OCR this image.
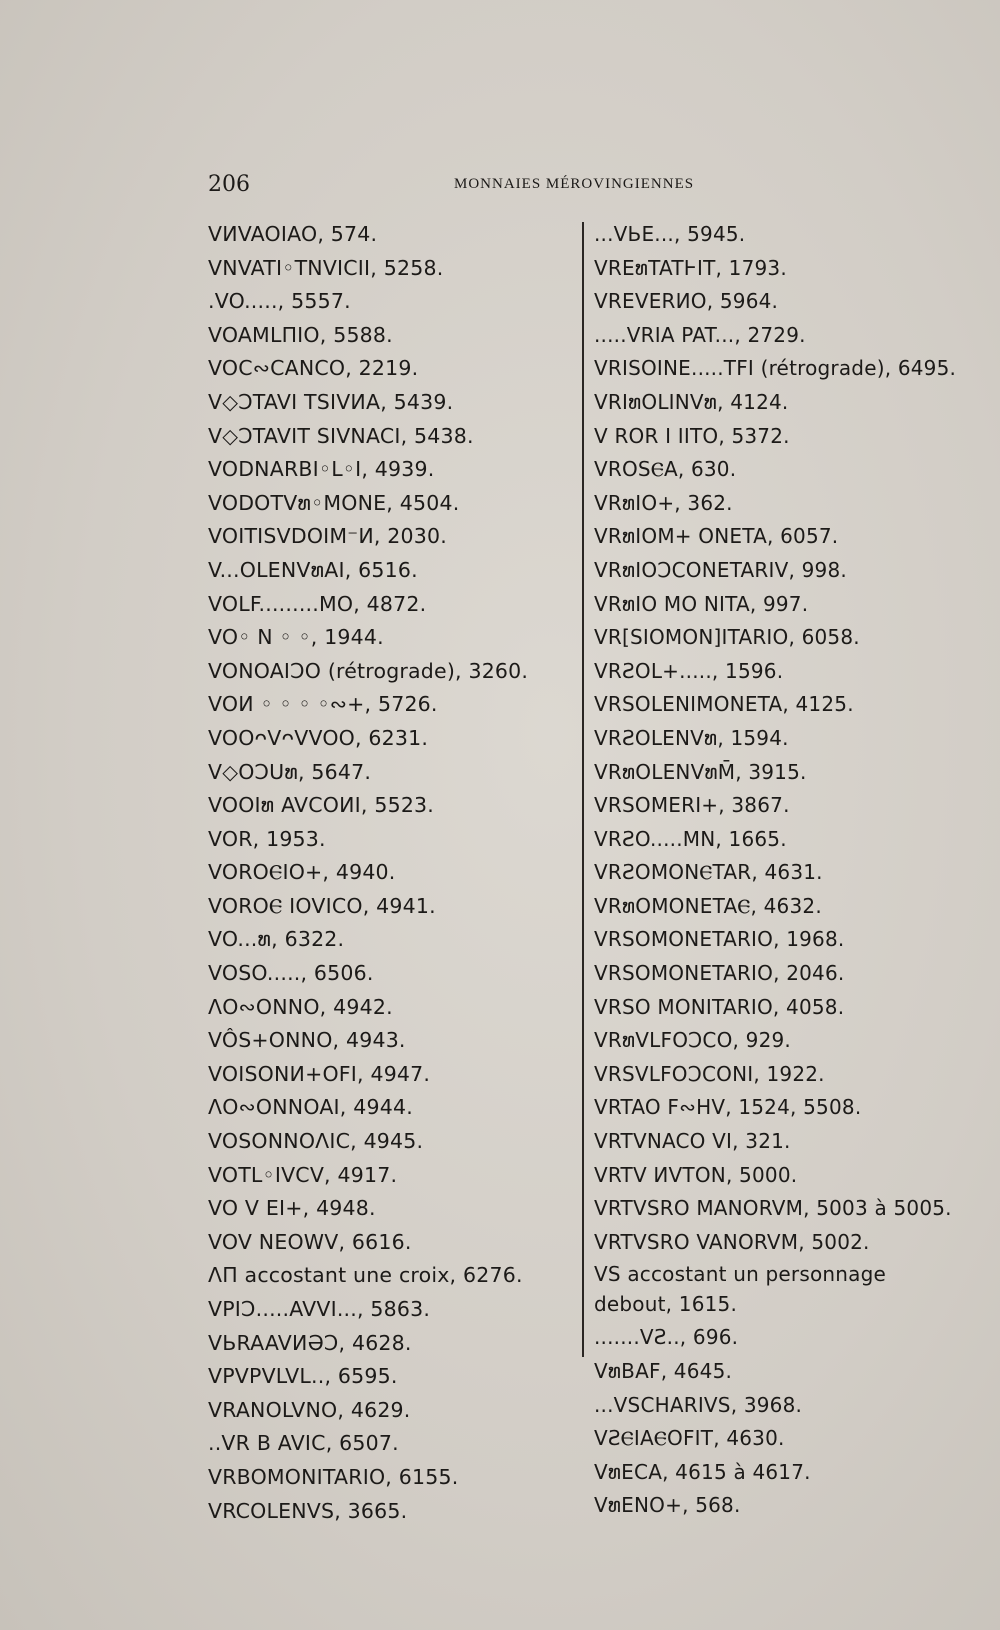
206	MONNAIES MÉROVINGIENNES
VИVAOIAO, 574.
VNVATI◦TNVICII, 5258.
.VO....., 5557.
VOAMⅬПIO, 5588.
VOC∾CANCO, 2219.
V◇ƆTAVI TSIVИA, 5439.
V◇ƆTAVIT SIVNACI, 5438.
VODNARBI◦L◦I, 4939.
VODOTVທ◦MONE, 4504.
VOITISVDOIM⁻И, 2030.
V...OLENVທAI, 6516.
VOLF.........MO, 4872.
VO◦ N ◦ ◦, 1944.
VONOAIƆO (rétrograde), 3260.
VOИ ◦ ◦ ◦ ◦∾+, 5726.
VOOᴖVᴖVVOO, 6231.
V◇OƆUທ, 5647.
VOOIທ AVCOИI, 5523.
VOR, 1953.
VOROⲈIO+, 4940.
VOROⲈ IOVICO, 4941.
VO...ທ, 6322.
VOSO....., 6506.
ΛO∾ONNO, 4942.
VÔS+ONNO, 4943.
VOISONИ+OFI, 4947.
ΛO∾ONNOAI, 4944.
VOSONNOΛIC, 4945.
VOTL◦IVCV, 4917.
VO V EI+, 4948.
VOV NEOWV, 6616.
ΛП accostant une croix, 6276.
VPIƆ.....AVVI..., 5863.
VЬRAAVИƏƆ, 4628.
VPVPVLVL.., 6595.
VRANOLVNO, 4629.
..VR B AVIC, 6507.
VRBOMONITARIO, 6155.
VRCOLENVS, 3665.
...VЬE..., 5945.
VREທTATⱵIT, 1793.
VREVERИO, 5964.
.....VRIA PAT..., 2729.
VRISOINE.....TFI (rétrograde), 6495.
VRIທOLINVທ, 4124.
V ROR I IITO, 5372.
VROSⲈA, 630.
VRທIO+, 362.
VRທIOM+ ONETA, 6057.
VRທIOϽϹONETARIV, 998.
VRທIO MO NITA, 997.
VR[SIOMON]ITARIO, 6058.
VRƧOL+....., 1596.
VRSOLENIMONETA, 4125.
VRƧOLENVທ, 1594.
VRທOLENVທM̄, 3915.
VRSOMERI+, 3867.
VRƧO.....MN, 1665.
VRƧOMONⲈTAR, 4631.
VRທOMONETAⲈ, 4632.
VRSOMONETARIO, 1968.
VRSOMONETARIO, 2046.
VRSO MONITARIO, 4058.
VRທVLFOϽϹO, 929.
VRSVLFOϽϹONI, 1922.
VRTAO F∾HV, 1524, 5508.
VRTVNACO VI, 321.
VRTV ИVTON, 5000.
VRTVSRO MANORVM, 5003 à 5005.
VRTVSRO VANORVM, 5002.
VS accostant un personnage debout, 1615.
.......VƧ.., 696.
VທBAF, 4645.
...VSCHARIVS, 3968.
VƧⲈIAⲈOFIT, 4630.
VທECA, 4615 à 4617.
VທENO+, 568.
